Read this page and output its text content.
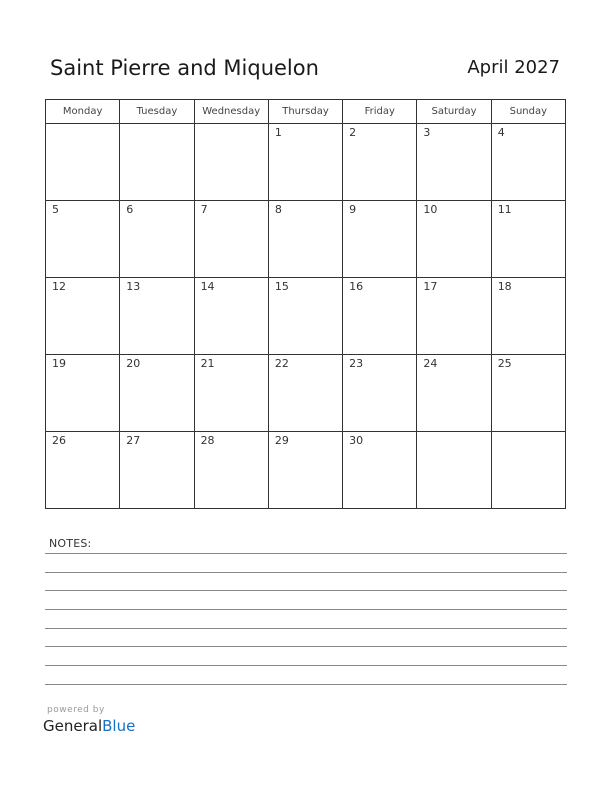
Saint Pierre and Miquelon	April 2027
Monday	Tuesday	Wednesday	Thursday	Friday	Saturday	Sunday

			1	2	3	4

5	6	7	8	9	10	11

12	13	14	15	16	17	18

19	20	21	22	23	24	25

26	27	28	29	30		

NOTES:
powered by
GeneralBlue
